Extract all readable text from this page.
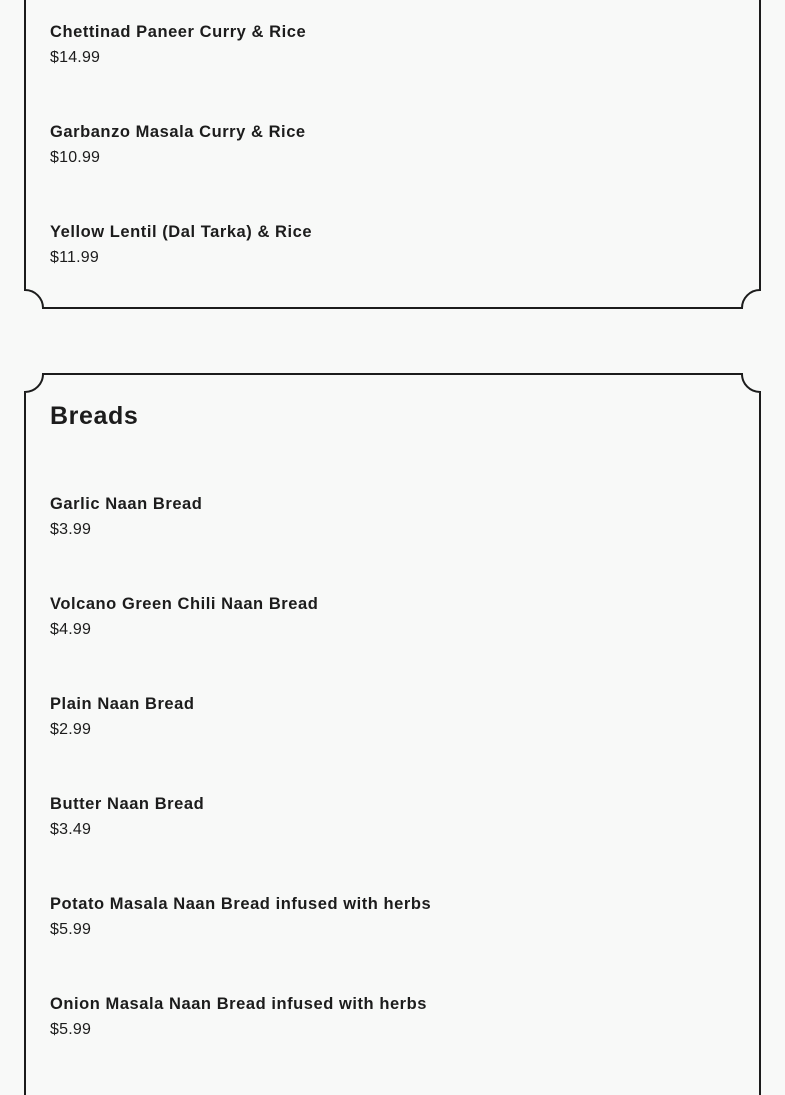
Chettinad Paneer Curry & Rice
$14.99
Garbanzo Masala Curry & Rice
$10.99
Yellow Lentil (Dal Tarka) & Rice
$11.99
Breads
Garlic Naan Bread
$3.99
Volcano Green Chili Naan Bread
$4.99
Plain Naan Bread
$2.99
Butter Naan Bread
$3.49
Potato Masala Naan Bread infused with herbs
$5.99
Onion Masala Naan Bread infused with herbs
$5.99
